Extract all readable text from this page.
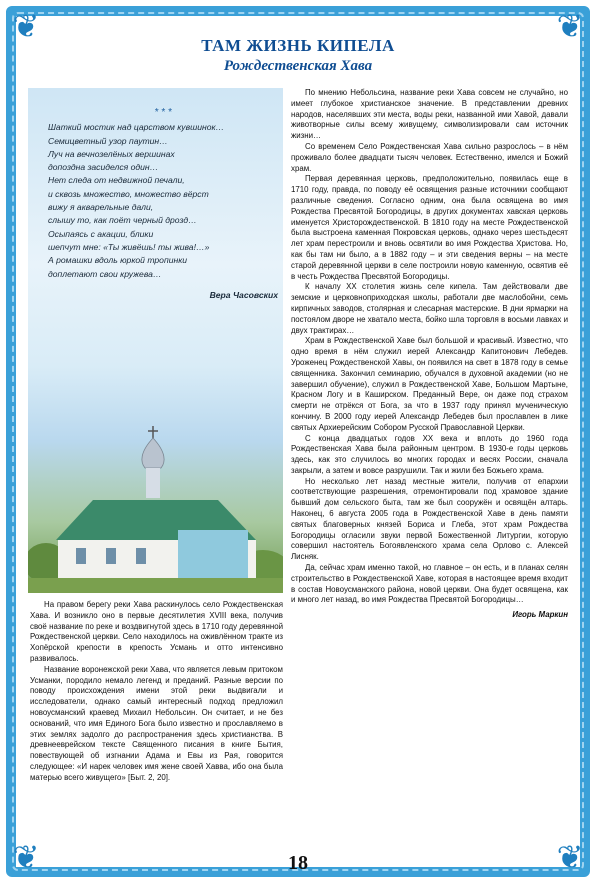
❦	❦
❦	❦
ТАМ ЖИЗНЬ КИПЕЛА
Рождественская Хава
* * *
Шаткий мостик над царством кувшинок…
Семицветный узор паутин…
Луч на вечнозелёных вершинах
допоздна засиделся один…
Нет следа от недвижной печали,
и сквозь множество, множество вёрст
вижу я акварельные дали,
слышу то, как поёт черный дрозд…
Осыпаясь с акации, блики
шепчут мне: «Ты живёшь! ты жива!…»
А ромашки вдоль юркой тропинки
доплетают свои кружева…
Вера Часовских

На правом берегу реки Хава раскинулось село Рождественская Хава. И возникло оно в первые десятилетия XVIII века, получив своё название по реке и воздвигнутой здесь в 1710 году деревянной Рождественской церкви. Село находилось на оживлённом тракте из Хопёрской крепости в крепость Усмань и отто интенсивно развивалось.

Название воронежской реки Хава, что является левым притоком Усманки, породило немало легенд и преданий. Разные версии по поводу происхождения имени этой реки выдвигали и исследователи, однако самый интересный подход предложил новоусманский краевед Михаил Небольсин. Он считает, и не без оснований, что имя Единого Бога было известно и прославляемо в этих землях задолго до распространения здесь христианства. В древнееврейском тексте Священного писания в книге Бытия, повествующей об изгнании Адама и Евы из Рая, говорится следующее: «И нарек человек имя жене своей Хавва, ибо она была матерью всего живущего» [Быт. 2, 20].

По мнению Небольсина, название реки Хава совсем не случайно, но имеет глубокое христианское значение. В представлении древних народов, населявших эти места, воды реки, названной ими Хавой, давали животворные силы всему живущему, символизировали сам источник жизни…

Со временем Село Рождественская Хава сильно разрослось – в нём проживало более двадцати тысяч человек. Естественно, имелся и Божий храм.

Первая деревянная церковь, предположительно, появилась еще в 1710 году, правда, по поводу её освящения разные источники сообщают различные сведения. Согласно одним, она была освящена во имя Рождества Пресвятой Богородицы, в других документах хавская церковь именуется Христорождественской. В 1810 году на месте Рождественской была выстроена каменная Покровская церковь, однако через шестьдесят лет храм перестроили и вновь освятили во имя Рождества Христова. Но, как бы там ни было, а в 1882 году – и эти сведения верны – на месте старой деревянной церкви в селе построили новую каменную, освятив её в честь Рождества Пресвятой Богородицы.

К началу XX столетия жизнь селе кипела. Там действовали две земские и церковноприходская школы, работали две маслобойни, семь кирпичных заводов, столярная и слесарная мастерские. В дни ярмарки на постоялом дворе не хватало места, бойко шла торговля в восьми лавках и двух трактирах…

Храм в Рождественской Хаве был большой и красивый. Известно, что одно время в нём служил иерей Александр Капитонович Лебедев. Уроженец Рождественской Хавы, он появился на свет в 1878 году в семье священника. Закончил семинарию, обучался в духовной академии (но не завершил обучение), служил в Рождественской Хаве, Большом Мартыне, Красном Логу и в Каширском. Преданный Вере, он даже под страхом смерти не отрёкся от Бога, за что в 1937 году принял мученическую кончину. В 2000 году иерей Александр Лебедев был прославлен в лике святых Архиерейским Собором Русской Православной Церкви.

С конца двадцатых годов XX века и вплоть до 1960 года Рождественская Хава была районным центром. В 1930-е годы церковь здесь, как это случилось во многих городах и весях России, сначала закрыли, а затем и вовсе разрушили. Так и жили без Божьего храма.

Но несколько лет назад местные жители, получив от епархии соответствующие разрешения, отремонтировали под храмовое здание бывший дом сельского быта, там же был сооружён и освящён алтарь. Наконец, 6 августа 2005 года в Рождественской Хаве в день памяти святых благоверных князей Бориса и Глеба, этот храм Рождества Богородицы огласили звуки первой Божественной Литургии, которую совершил настоятель Богоявленского храма села Орлово с. Алексей Лисняк.

Да, сейчас храм именно такой, но главное – он есть, и в планах селян строительство в Рождественской Хаве, которая в настоящее время входит в состав Новоусманского района, новой церкви. Она будет освящена, как и много лет назад, во имя Рождества Пресвятой Богородицы…

Игорь Маркин

18
